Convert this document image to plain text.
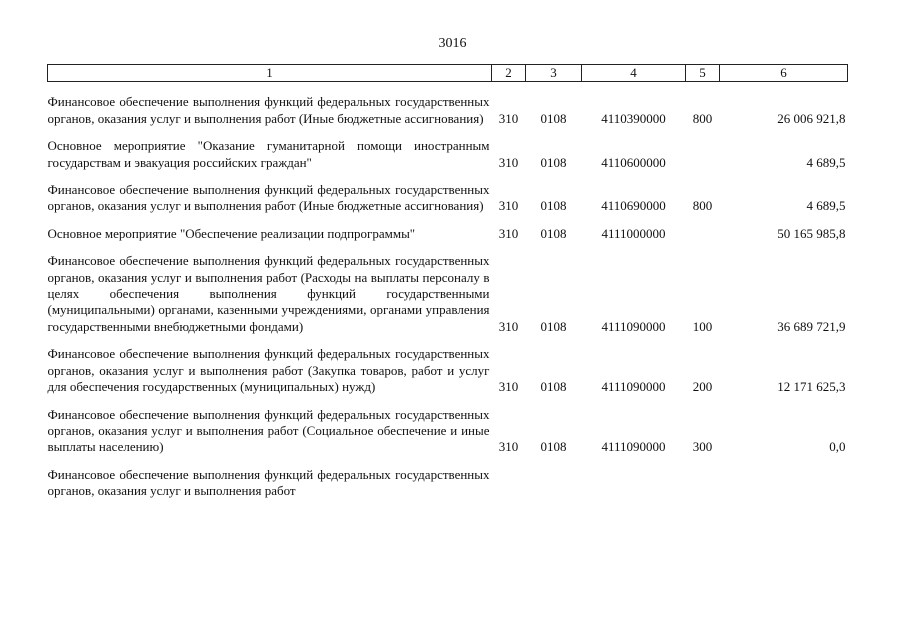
3016
1	2	3	4	5	6

Финансовое обеспечение выполнения функций федеральных государственных органов, оказания услуг и выполнения работ (Иные бюджетные ассигнования)	310	0108	4110390000	800	26 006 921,8

Основное мероприятие "Оказание гуманитарной помощи иностранным государствам и эвакуация российских граждан"	310	0108	4110600000		4 689,5

Финансовое обеспечение выполнения функций федеральных государственных органов, оказания услуг и выполнения работ (Иные бюджетные ассигнования)	310	0108	4110690000	800	4 689,5

Основное мероприятие "Обеспечение реализации подпрограммы"	310	0108	4111000000		50 165 985,8

Финансовое обеспечение выполнения функций федеральных государственных органов, оказания услуг и выполнения работ (Расходы на выплаты персоналу в целях обеспечения выполнения функций государственными (муниципальными) органами, казенными учреждениями, органами управления государственными внебюджетными фондами)	310	0108	4111090000	100	36 689 721,9

Финансовое обеспечение выполнения функций федеральных государственных органов, оказания услуг и выполнения работ (Закупка товаров, работ и услуг для обеспечения государственных (муниципальных) нужд)	310	0108	4111090000	200	12 171 625,3

Финансовое обеспечение выполнения функций федеральных государственных органов, оказания услуг и выполнения работ (Социальное обеспечение и иные выплаты населению)	310	0108	4111090000	300	0,0

Финансовое обеспечение выполнения функций федеральных государственных органов, оказания услуг и выполнения работ					
